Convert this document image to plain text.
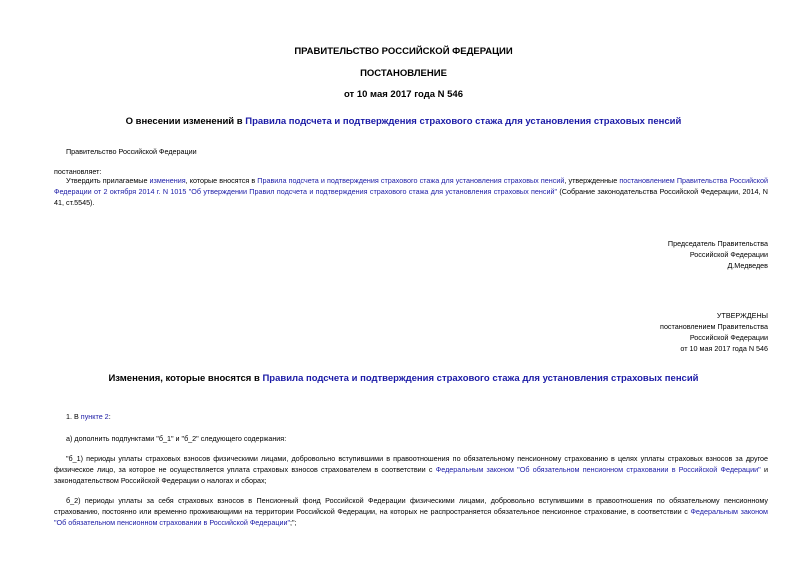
ПРАВИТЕЛЬСТВО РОССИЙСКОЙ ФЕДЕРАЦИИ
ПОСТАНОВЛЕНИЕ
от 10 мая 2017 года N 546
О внесении изменений в Правила подсчета и подтверждения страхового стажа для установления страховых пенсий
Правительство Российской Федерации
постановляет:
Утвердить прилагаемые изменения, которые вносятся в Правила подсчета и подтверждения страхового стажа для установления страховых пенсий, утвержденные постановлением Правительства Российской Федерации от 2 октября 2014 г. N 1015 "Об утверждении Правил подсчета и подтверждения страхового стажа для установления страховых пенсий" (Собрание законодательства Российской Федерации, 2014, N 41, ст.5545).

Председатель Правительства

Российской Федерации

Д.Медведев

УТВЕРЖДЕНЫ

постановлением Правительства

Российской Федерации

от 10 мая 2017 года N 546

Изменения, которые вносятся в Правила подсчета и подтверждения страхового стажа для установления страховых пенсий
1. В пункте 2:
а) дополнить подпунктами "б_1" и "б_2" следующего содержания:
"б_1) периоды уплаты страховых взносов физическими лицами, добровольно вступившими в правоотношения по обязательному пенсионному страхованию в целях уплаты страховых взносов за другое физическое лицо, за которое не осуществляется уплата страховых взносов страхователем в соответствии с Федеральным законом "Об обязательном пенсионном страховании в Российской Федерации" и законодательством Российской Федерации о налогах и сборах;
б_2) периоды уплаты за себя страховых взносов в Пенсионный фонд Российской Федерации физическими лицами, добровольно вступившими в правоотношения по обязательному пенсионному страхованию, постоянно или временно проживающими на территории Российской Федерации, на которых не распространяется обязательное пенсионное страхование, в соответствии с Федеральным законом "Об обязательном пенсионном страховании в Российской Федерации";";
